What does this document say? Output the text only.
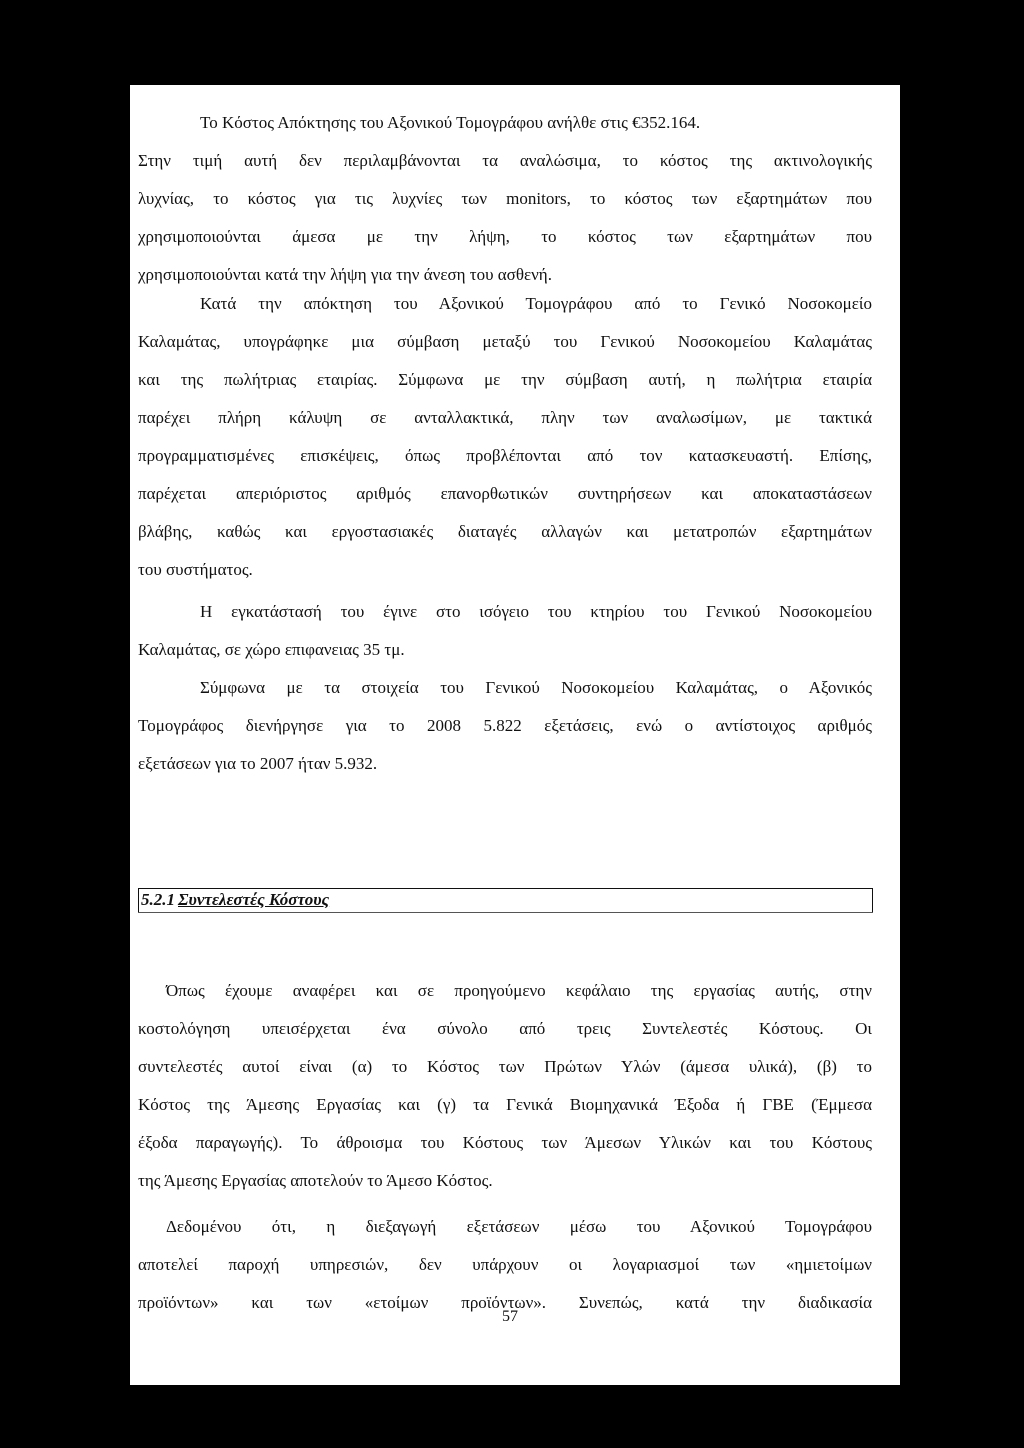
Το Κόστος Απόκτησης του Αξονικού Τομογράφου ανήλθε στις €352.164.
Στην τιμή αυτή δεν περιλαμβάνονται τα αναλώσιμα, το κόστος της ακτινολογικής
λυχνίας, το κόστος για τις λυχνίες των monitors, το κόστος των εξαρτημάτων που
χρησιμοποιούνται άμεσα με την λήψη, το κόστος των εξαρτημάτων που
χρησιμοποιούνται κατά την λήψη για την άνεση του ασθενή.
Κατά την απόκτηση του Αξονικού Τομογράφου από το Γενικό Νοσοκομείο
Καλαμάτας, υπογράφηκε μια σύμβαση μεταξύ του Γενικού Νοσοκομείου Καλαμάτας
και της πωλήτριας εταιρίας. Σύμφωνα με την σύμβαση αυτή, η πωλήτρια εταιρία
παρέχει πλήρη κάλυψη σε ανταλλακτικά, πλην των αναλωσίμων, με τακτικά
προγραμματισμένες επισκέψεις, όπως προβλέπονται από τον κατασκευαστή. Επίσης,
παρέχεται απεριόριστος αριθμός επανορθωτικών συντηρήσεων και αποκαταστάσεων
βλάβης, καθώς και εργοστασιακές διαταγές αλλαγών και μετατροπών εξαρτημάτων
του συστήματος.
Η εγκατάστασή του έγινε στο ισόγειο του κτηρίου του Γενικού Νοσοκομείου
Καλαμάτας, σε χώρο επιφανειας 35 τμ.
Σύμφωνα με τα στοιχεία του Γενικού Νοσοκομείου Καλαμάτας, ο Αξονικός
Τομογράφος διενήργησε για το 2008 5.822 εξετάσεις, ενώ ο αντίστοιχος αριθμός
εξετάσεων για το 2007 ήταν 5.932.
5.2.1 Συντελεστές Κόστους
Όπως έχουμε αναφέρει και σε προηγούμενο κεφάλαιο της εργασίας αυτής, στην
κοστολόγηση υπεισέρχεται ένα σύνολο από τρεις Συντελεστές Κόστους. Οι
συντελεστές αυτοί είναι (α) το Κόστος των Πρώτων Υλών (άμεσα υλικά), (β) το
Κόστος της Άμεσης Εργασίας και (γ) τα Γενικά Βιομηχανικά Έξοδα ή ΓΒΕ (Έμμεσα
έξοδα παραγωγής). Το άθροισμα του Κόστους των Άμεσων Υλικών και του Κόστους
της Άμεσης Εργασίας αποτελούν το Άμεσο Κόστος.
Δεδομένου ότι, η διεξαγωγή εξετάσεων μέσω του Αξονικού Τομογράφου
αποτελεί παροχή υπηρεσιών, δεν υπάρχουν οι λογαριασμοί των «ημιετοίμων
προϊόντων» και των «ετοίμων προϊόντων». Συνεπώς, κατά την διαδικασία
57
